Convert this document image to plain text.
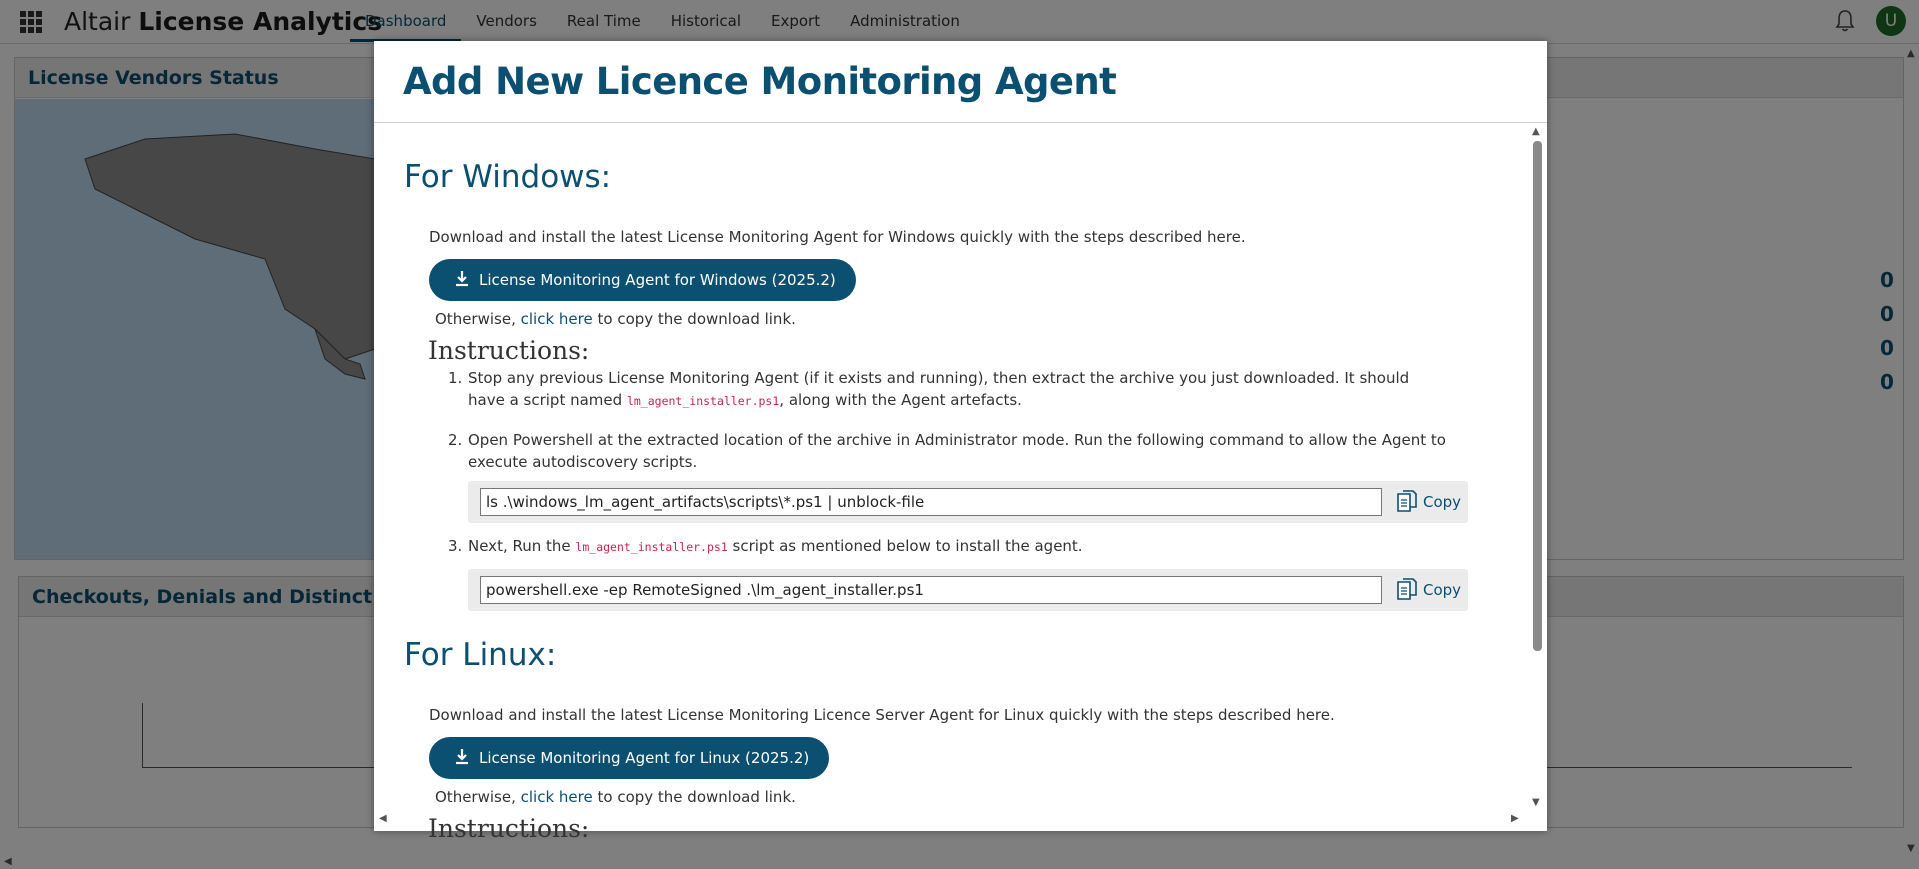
Add New Licence Monitoring Agent
For Windows:
Download and install the latest License Monitoring Agent for Windows quickly with the steps described here.
License Monitoring Agent for Windows (2025.2)
Otherwise, click here to copy the download link.
Instructions:
1. Stop any previous License Monitoring Agent (if it exists and running), then extract the archive you just downloaded. It should have a script named lm_agent_installer.ps1, along with the Agent artefacts.
2. Open Powershell at the extracted location of the archive in Administrator mode. Run the following command to allow the Agent to execute autodiscovery scripts.
ls .\windows_lm_agent_artifacts\scripts\*.ps1 | unblock-file	Copy
3. Next, Run the lm_agent_installer.ps1 script as mentioned below to install the agent.
powershell.exe -ep RemoteSigned .\lm_agent_installer.ps1	Copy
For Linux:
Download and install the latest License Monitoring Licence Server Agent for Linux quickly with the steps described here.
License Monitoring Agent for Linux (2025.2)
Otherwise, click here to copy the download link.
Instructions:
▲
▼
◀	▶
